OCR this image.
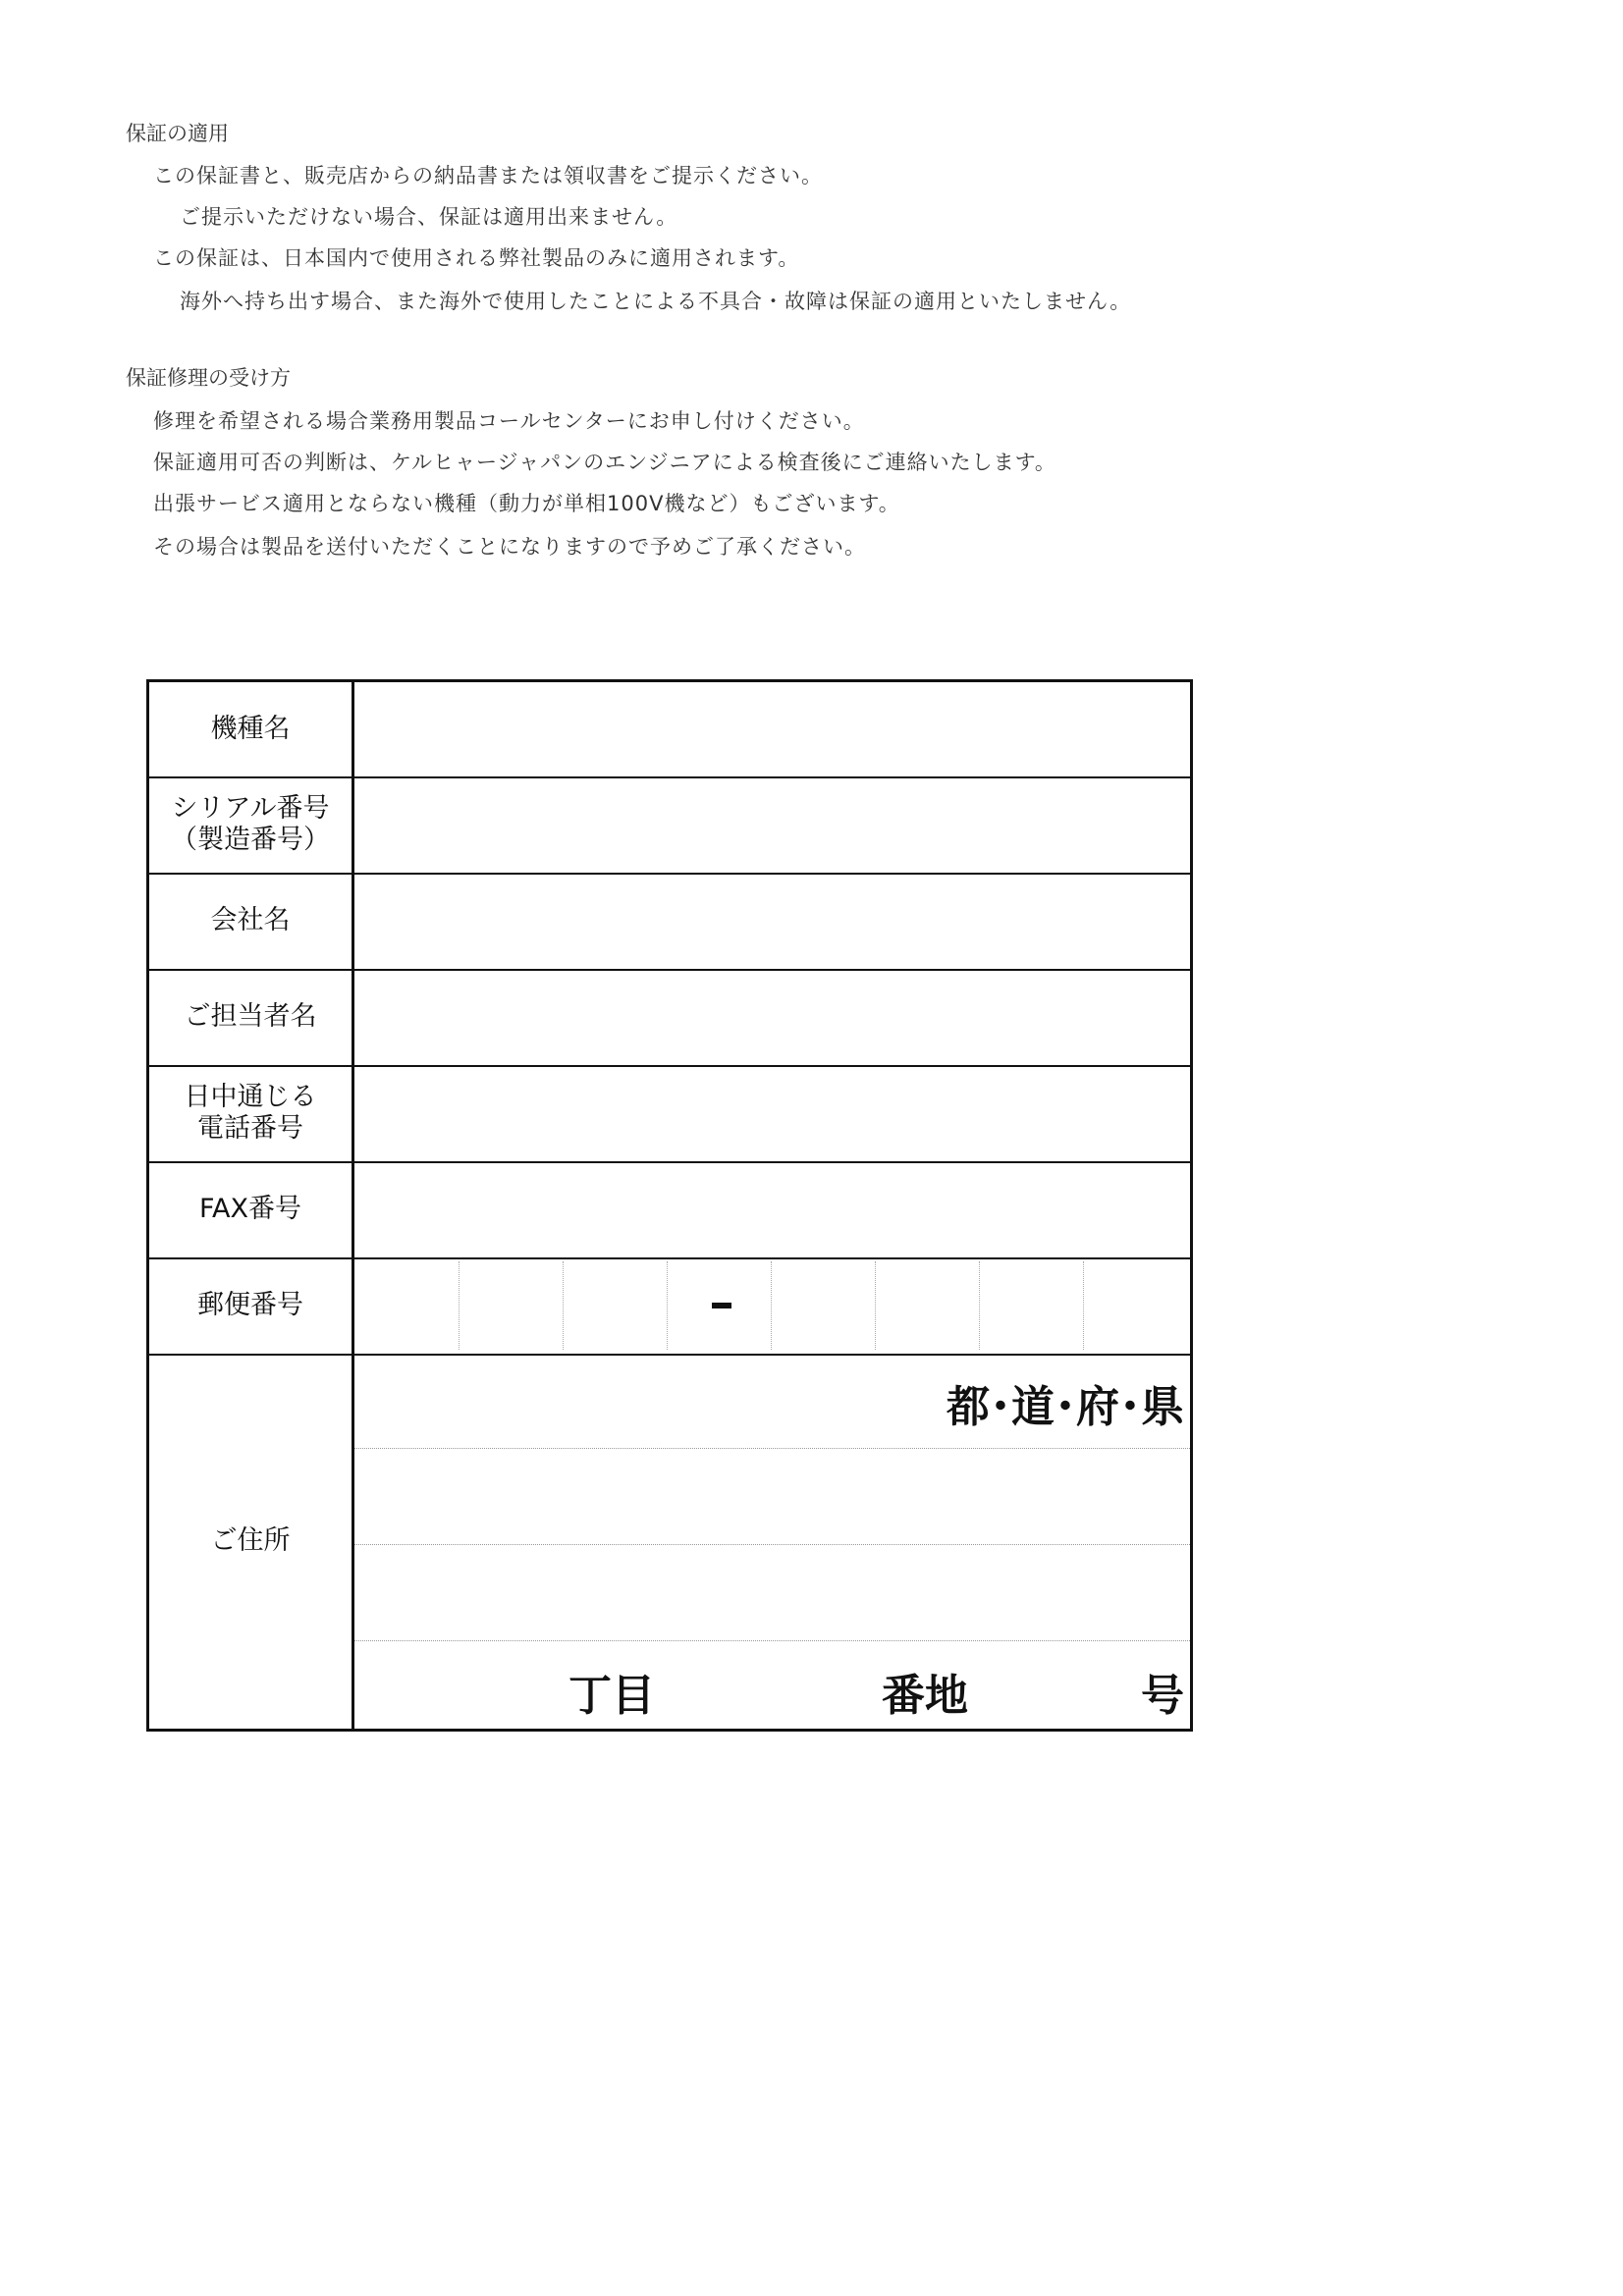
保証の適用
この保証書と、販売店からの納品書または領収書をご提示ください。
ご提示いただけない場合、保証は適用出来ません。
この保証は、日本国内で使用される弊社製品のみに適用されます。
海外へ持ち出す場合、また海外で使用したことによる不具合・故障は保証の適用といたしません。
保証修理の受け方
修理を希望される場合業務用製品コールセンターにお申し付けください。
保証適用可否の判断は、ケルヒャージャパンのエンジニアによる検査後にご連絡いたします。
出張サービス適用とならない機種（動力が単相100V機など）もございます。
その場合は製品を送付いただくことになりますので予めご了承ください。
機種名
シリアル番号
（製造番号）
会社名
ご担当者名
日中通じる
電話番号
FAX番号
郵便番号
ご住所
都･道･府･県
丁目	番地	号
